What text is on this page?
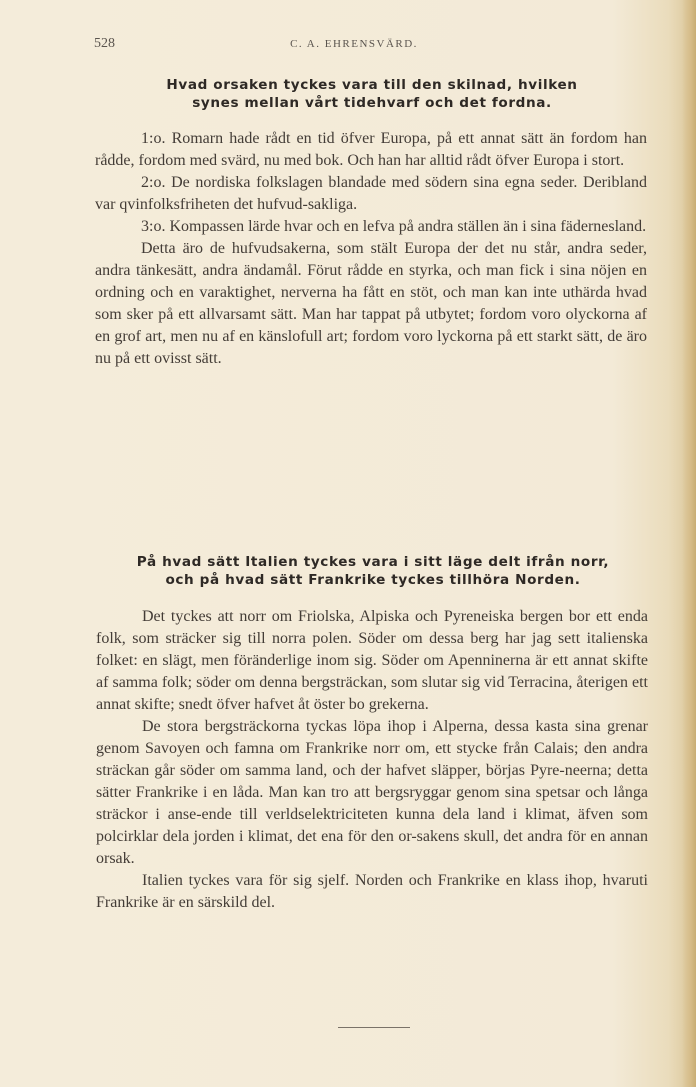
528	C. A. EHRENSVÄRD.
Hvad orsaken tyckes vara till den skilnad, hvilken
synes mellan vårt tidehvarf och det fordna.

1:o. Romarn hade rådt en tid öfver Europa, på ett annat sätt än fordom han rådde, fordom med svärd, nu med bok. Och han har alltid rådt öfver Europa i stort.

2:o. De nordiska folkslagen blandade med södern sina egna seder. Deribland var qvinfolksfriheten det hufvud-sakliga.

3:o. Kompassen lärde hvar och en lefva på andra ställen än i sina fädernesland.

Detta äro de hufvudsakerna, som stält Europa der det nu står, andra seder, andra tänkesätt, andra ändamål. Förut rådde en styrka, och man fick i sina nöjen en ordning och en varaktighet, nerverna ha fått en stöt, och man kan inte uthärda hvad som sker på ett allvarsamt sätt. Man har tappat på utbytet; fordom voro olyckorna af en grof art, men nu af en känslofull art; fordom voro lyckorna på ett starkt sätt, de äro nu på ett ovisst sätt.

På hvad sätt Italien tyckes vara i sitt läge delt ifrån norr,
och på hvad sätt Frankrike tyckes tillhöra Norden.

Det tyckes att norr om Friolska, Alpiska och Pyreneiska bergen bor ett enda folk, som sträcker sig till norra polen. Söder om dessa berg har jag sett italienska folket: en slägt, men föränderlige inom sig. Söder om Apenninerna är ett annat skifte af samma folk; söder om denna bergsträckan, som slutar sig vid Terracina, återigen ett annat skifte; snedt öfver hafvet åt öster bo grekerna.

De stora bergsträckorna tyckas löpa ihop i Alperna, dessa kasta sina grenar genom Savoyen och famna om Frankrike norr om, ett stycke från Calais; den andra sträckan går söder om samma land, och der hafvet släpper, börjas Pyre-neerna; detta sätter Frankrike i en låda. Man kan tro att bergsryggar genom sina spetsar och långa sträckor i anse-ende till verldselektriciteten kunna dela land i klimat, äfven som polcirklar dela jorden i klimat, det ena för den or-sakens skull, det andra för en annan orsak.

Italien tyckes vara för sig sjelf. Norden och Frankrike en klass ihop, hvaruti Frankrike är en särskild del.
